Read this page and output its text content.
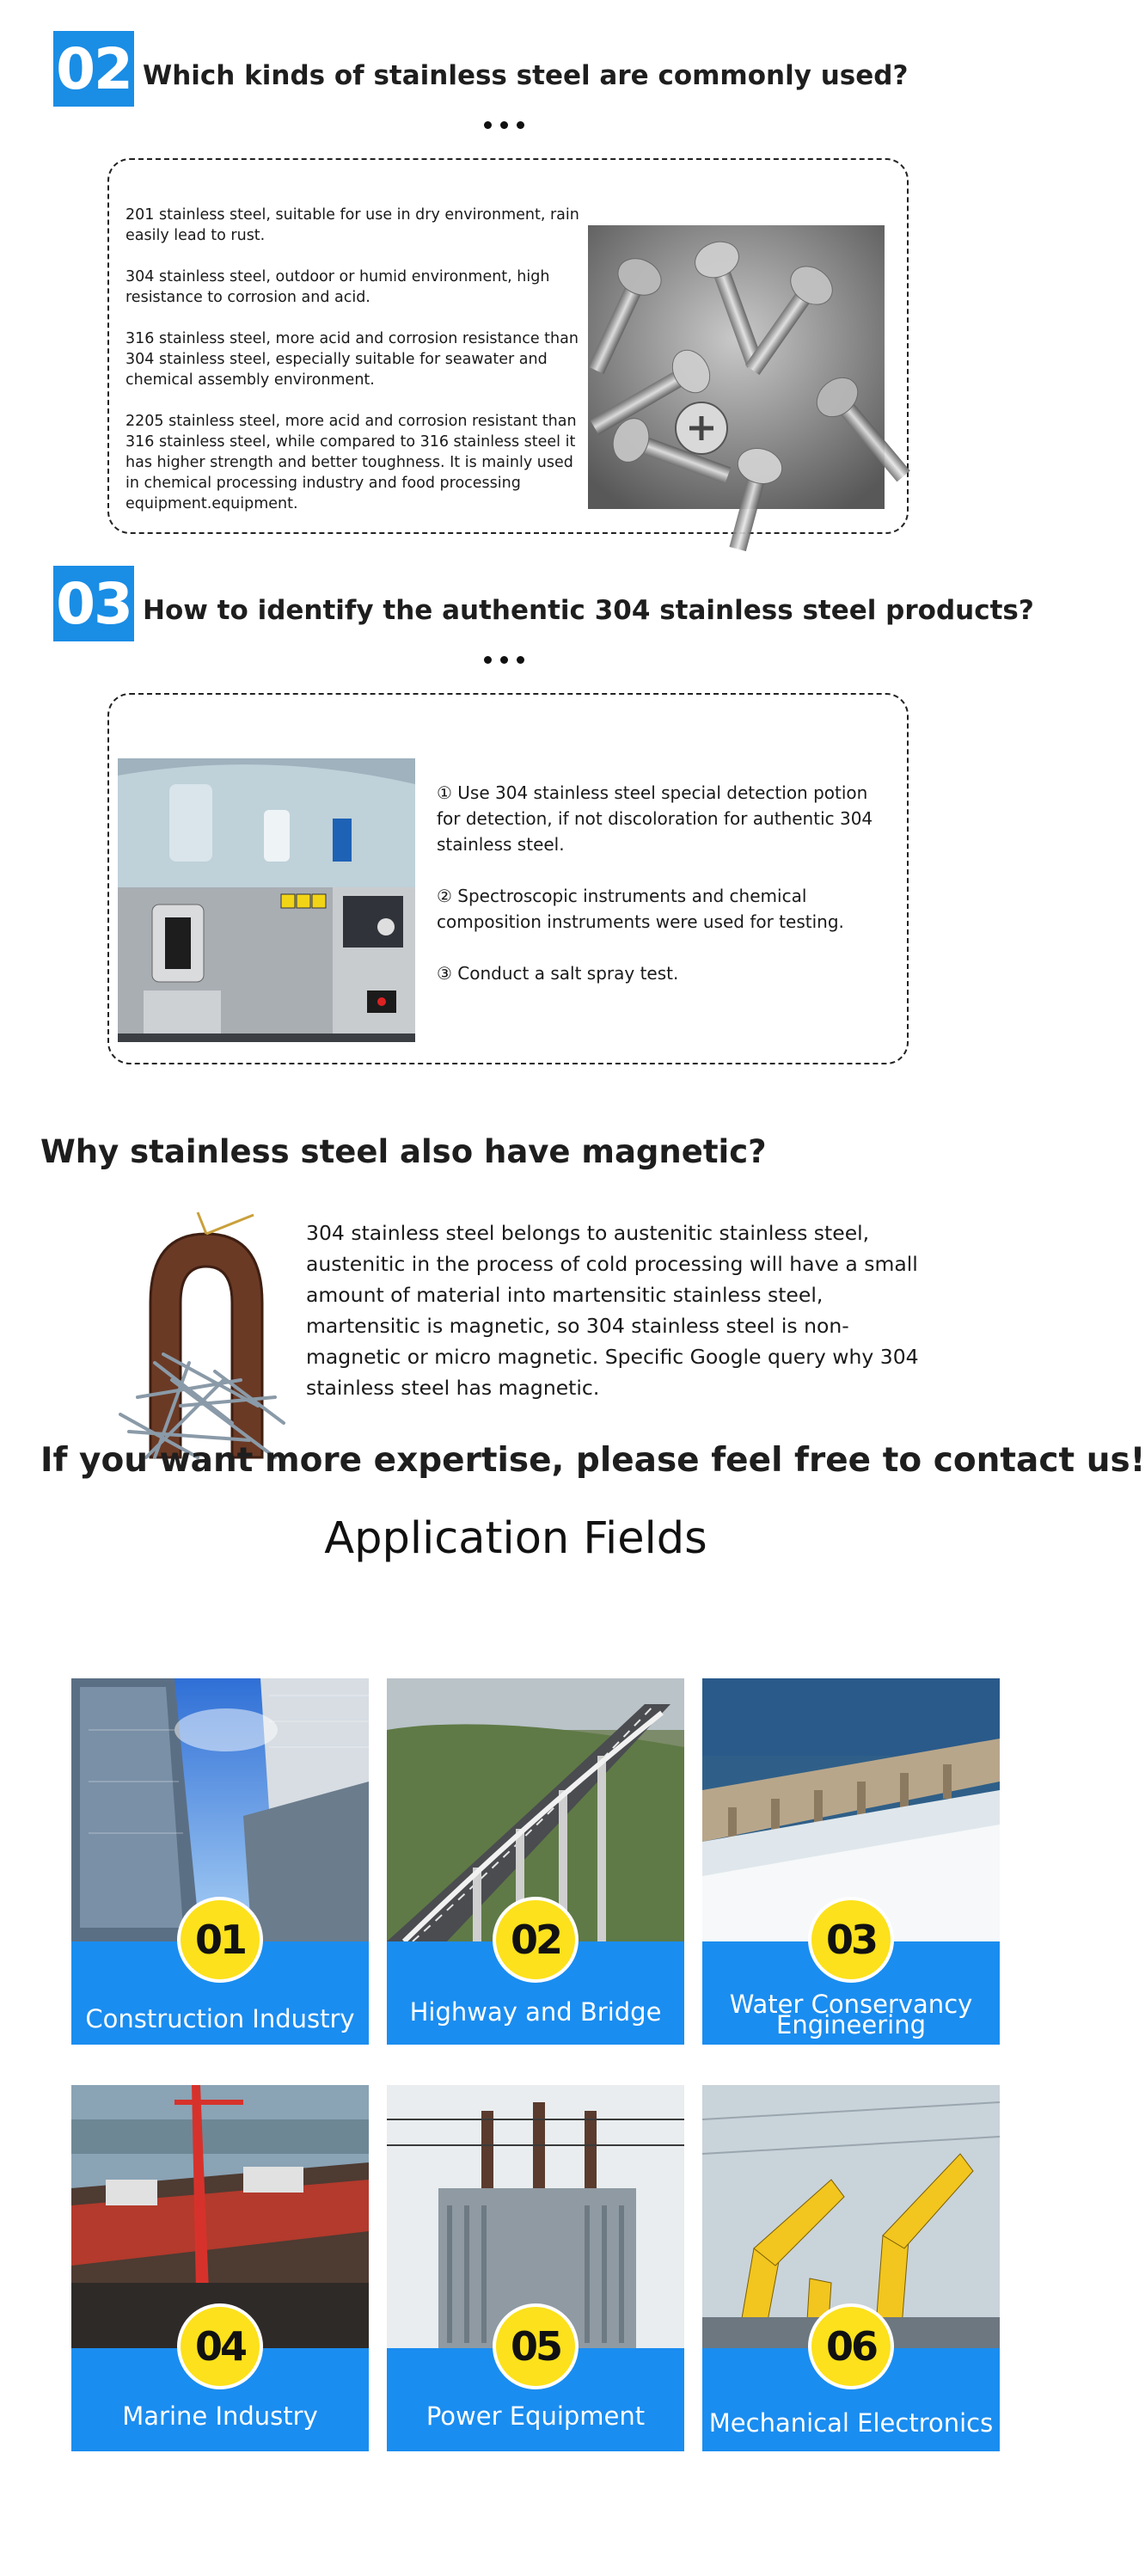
02 Which kinds of stainless steel are commonly used?

201 stainless steel, suitable for use in dry environment, rain easily lead to rust.

304 stainless steel, outdoor or humid environment, high resistance to corrosion and acid.

316 stainless steel, more acid and corrosion resistance than 304 stainless steel, especially suitable for seawater and chemical assembly environment.

2205 stainless steel, more acid and corrosion resistant than 316 stainless steel, while compared to 316 stainless steel it has higher strength and better toughness. It is mainly used in chemical processing industry and food processing equipment.equipment.

03 How to identify the authentic 304 stainless steel products?

① Use 304 stainless steel special detection potion for detection, if not discoloration for authentic 304 stainless steel.

② Spectroscopic instruments and chemical composition instruments were used for testing.

③ Conduct a salt spray test.

Why stainless steel also have magnetic?
304 stainless steel belongs to austenitic stainless steel, austenitic in the process of cold processing will have a small amount of material into martensitic stainless steel, martensitic is magnetic, so 304 stainless steel is non-magnetic or micro magnetic. Specific Google query why 304 stainless steel has magnetic.
If you want more expertise, please feel free to contact us!
Application Fields
01
Construction Industry
02
Highway and Bridge
03
Water Conservancy
Engineering
04
Marine Industry
05
Power Equipment
06
Mechanical Electronics
